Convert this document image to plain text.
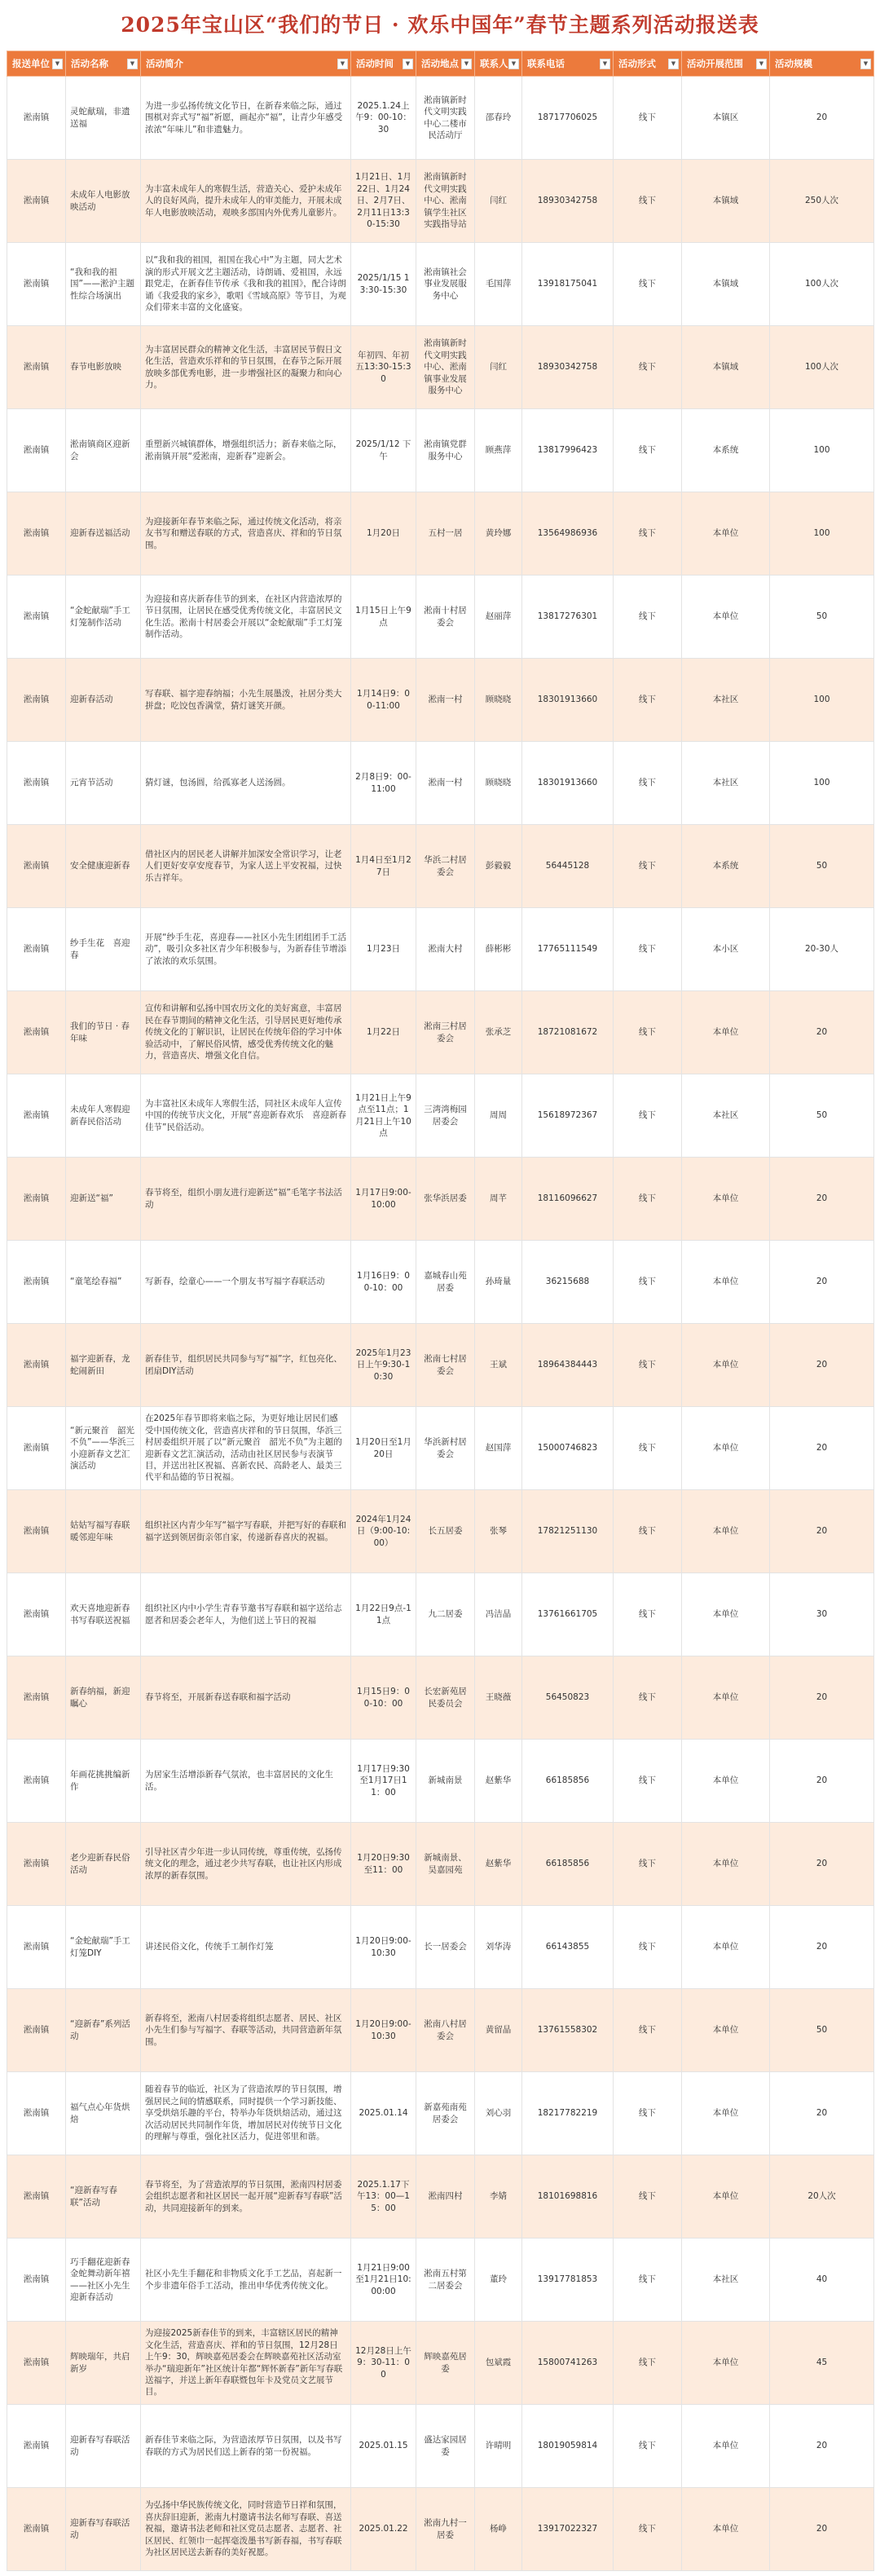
2025年宝山区“我们的节日 · 欢乐中国年”春节主题系列活动报送表
报送单位 ▼	活动名称 ▼	活动简介 ▼	活动时间 ▼	活动地点 ▼	联系人 ▼	联系电话 ▼	活动形式 ▼	活动开展范围 ▼	活动规模 ▼

淞南镇	灵蛇献瑞，非遗送福	为进一步弘扬传统文化节日，在新春来临之际，通过围棋对弈式写“福”祈愿，画起亦“福”，让青少年感受浓浓“年味儿”和非遗魅力。	2025.1.24上午9：00-10：30	淞南镇新时代文明实践中心二楼市民活动厅	邵春玲	18717706025	线下	本镇区	20
淞南镇	未成年人电影放映活动	为丰富未成年人的寒假生活，营造关心、爱护未成年人的良好风尚，提升未成年人的审美能力，开展未成年人电影放映活动，观映多部国内外优秀儿童影片。	1月21日、1月22日、1月24日、2月7日、2月11日13:30-15:30	淞南镇新时代文明实践中心、淞南镇学生社区实践指导站	闫红	18930342758	线下	本镇域	250人次
淞南镇	“我和我的祖国”——淞沪主题性综合场演出	以“我和我的祖国，祖国在我心中”为主题，同大艺术演的形式开展文艺主题活动，诗朗诵、爱祖国，永远跟党走，在新春佳节传承《我和我的祖国》，配合诗朗诵《我爱我的家乡》，歌唱《雪域高原》等节目，为观众们带来丰富的文化盛宴。	2025/1/15 13:30-15:30	淞南镇社会事业发展服务中心	毛国萍	13918175041	线下	本镇域	100人次
淞南镇	春节电影放映	为丰富居民群众的精神文化生活，丰富居民节假日文化生活，营造欢乐祥和的节日氛围，在春节之际开展放映多部优秀电影，进一步增强社区的凝聚力和向心力。	年初四、年初五13:30-15:30	淞南镇新时代文明实践中心、淞南镇事业发展服务中心	闫红	18930342758	线下	本镇域	100人次
淞南镇	淞南镇商区迎新会	重塑新兴城镇群体，增强组织活力；新春来临之际，淞南镇开展“爱淞南，迎新春”迎新会。	2025/1/12 下午	淞南镇党群服务中心	顾燕萍	13817996423	线下	本系统	100
淞南镇	迎新春送福活动	为迎接新年春节来临之际，通过传统文化活动，将亲友书写和赠送春联的方式，营造喜庆、祥和的节日氛围。	1月20日	五村一居	黄玲娜	13564986936	线下	本单位	100
淞南镇	“金蛇献瑞”手工灯笼制作活动	为迎接和喜庆新春佳节的到来，在社区内营造浓厚的节日氛围，让居民在感受优秀传统文化，丰富居民文化生活。淞南十村居委会开展以“金蛇献瑞”手工灯笼制作活动。	1月15日上午9点	淞南十村居委会	赵丽萍	13817276301	线下	本单位	50
淞南镇	迎新春活动	写春联、福字迎春纳福；小先生展墨泼，社居分类大拼盘；吃饺包香满堂，猜灯谜笑开颜。	1月14日9：00-11:00	淞南一村	顾晓晓	18301913660	线下	本社区	100
淞南镇	元宵节活动	猜灯谜，包汤圆，给孤寡老人送汤圆。	2月8日9：00-11:00	淞南一村	顾晓晓	18301913660	线下	本社区	100
淞南镇	安全健康迎新春	借社区内的居民老人讲解并加深安全常识学习，让老人们更好安享安度春节，为家人送上平安祝福，过快乐吉祥年。	1月4日至1月27日	华浜二村居委会	彭毅毅	56445128	线下	本系统	50
淞南镇	纱手生花　喜迎春	开展“纱手生花，喜迎春——社区小先生团组团手工活动”，吸引众多社区青少年积极参与，为新春佳节增添了浓浓的欢乐氛围。	1月23日	淞南大村	薛彬彬	17765111549	线下	本小区	20-30人
淞南镇	我们的节日 · 春年味	宣传和讲解和弘扬中国农历文化的美好寓意，丰富居民在春节期间的精神文化生活，引导居民更好地传承传统文化的丁解识识，让居民在传统年俗的学习中体验活动中，了解民俗风情，感受优秀传统文化的魅力，营造喜庆、增强文化自信。	1月22日	淞南三村居委会	张承芝	18721081672	线下	本单位	20
淞南镇	未成年人寒假迎新春民俗活动	为丰富社区未成年人寒假生活，同社区未成年人宣传中国的传统节庆文化，开展“喜迎新春欢乐　喜迎新春佳节”民俗活动。	1月21日上午9点至11点；1月21日上午10点	三湾湾梅园居委会	周周	15618972367	线下	本社区	50
淞南镇	迎新送“福”	春节将至，组织小朋友进行迎新送“福”毛笔字书法活动	1月17日9:00-10:00	张华浜居委	周芊	18116096627	线下	本单位	20
淞南镇	“童笔绘春福”	写新春，绘童心——一个朋友书写福字春联活动	1月16日9：00-10：00	嘉城春山苑居委	孙琦量	36215688	线下	本单位	20
淞南镇	福字迎新春，龙蛇闹新田	新春佳节，组织居民共同参与写“福”字，红包亮化、团扇DIY活动	2025年1月23日上午9:30-10:30	淞南七村居委会	王斌	18964384443	线下	本单位	20
淞南镇	“新元聚首　韶光不负”——华浜三小迎新春文艺汇演活动	在2025年春节即将来临之际，为更好地让居民们感受中国传统文化，营造喜庆祥和的节日氛围，华浜三村居委组织开展了以“新元聚首　韶光不负”为主题的迎新春文艺汇演活动，活动由社区居民参与表演节目，并送出社区祝福、喜新农民、高龄老人、最美三代平和品德的节日祝福。	1月20日至1月20日	华浜新村居委会	赵国萍	15000746823	线下	本单位	20
淞南镇	姑姑写福写春联　暖邻迎年味	组织社区内青少年写“福字写春联，并把写好的春联和福字送到领居街亲邻自家，传递新春喜庆的祝福。	2024年1月24日（9:00-10:00）	长五居委	张琴	17821251130	线下	本单位	20
淞南镇	欢天喜地迎新春　书写春联送祝福	组织社区内中小学生青春节邀书写春联和福字送给志愿者和居委会老年人，为他们送上节日的祝福	1月22日9点-11点	九二居委	冯洁晶	13761661705	线下	本单位	30
淞南镇	新春纳福，新迎瞩心	春节将至，开展新春送春联和福字活动	1月15日9：00-10：00	长宏新苑居民委员会	王晓薇	56450823	线下	本单位	20
淞南镇	年画花挑挑编新作	为居家生活增添新春气氛浓，也丰富居民的文化生活。	1月17日9:30至1月17日11：00	新城南景	赵紫华	66185856	线下	本单位	20
淞南镇	老少迎新春民俗活动	引导社区青少年进一步认同传统，尊重传统，弘扬传统文化的理念，通过老少共写春联，也让社区内形成浓厚的新春氛围。	1月20日9:30至11：00	新城南景、昊嘉园苑	赵紫华	66185856	线下	本单位	20
淞南镇	“金蛇献瑞”手工灯笼DIY	讲述民俗文化，传统手工制作灯笼	1月20日9:00-10:30	长一居委会	刘华涛	66143855	线下	本单位	20
淞南镇	“迎新春”系列活动	新春将至，淞南八村居委将组织志愿者、居民、社区小先生们参与写福字、春联等活动，共同营造新年氛围。	1月20日9:00-10:30	淞南八村居委会	黄留晶	13761558302	线下	本单位	50
淞南镇	福气点心年货烘焙	随着春节的临近，社区为了营造浓厚的节日氛围，增强居民之间的情感联系，同时提供一个学习新技能、享受烘焙乐趣的平台，特举办年货烘焙活动，通过这次活动居民共同制作年货，增加居民对传统节日文化的理解与尊重，强化社区活力，促进邻里和谐。	2025.01.14	新嘉苑南苑居委会	刘心羽	18217782219	线下	本单位	20
淞南镇	“迎新春写春联”活动	春节将至，为了营造浓厚的节日氛围，淞南四村居委会组织志愿者和社区居民一起开展“迎新春写春联”活动，共同迎接新年的到来。	2025.1.17下午13：00—15：00	淞南四村	李婧	18101698816	线下	本单位	20人次
淞南镇	巧手翻花迎新春 金蛇舞动新年禧——社区小先生迎新春活动	社区小先生手翻花和非物质文化手工艺品，喜起新一个步非遗年俗手工活动，推出申华优秀传统文化。	1月21日9:00至1月21日10:00:00	淞南五村第二居委会	董玲	13917781853	线下	本社区	40
淞南镇	辉映瑞年，共启新岁	为迎接2025新春佳节的到来，丰富辖区居民的精神文化生活，营造喜庆、祥和的节日氛围，12月28日上午9：30，辉映嘉苑居委会在辉映嘉苑社区活动室举办“瑞迎新年”社区统计年都“辉怀新春”新年写春联送福字，并送上新年春联暨包年卡及党员文艺展节目。	12月28日上午9：30-11：00	辉映嘉苑居委	包斌霞	15800741263	线下	本单位	45
淞南镇	迎新春写春联活动	新春佳节来临之际，为营造浓厚节日氛围，以及书写春联的方式为居民们送上新春的第一份祝福。	2025.01.15	盛达家园居委	许晴明	18019059814	线下	本单位	20
淞南镇	迎新春写春联活动	为弘扬中华民族传统文化，同时营造节日祥和氛围，喜庆辞旧迎新，淞南九村邀请书法名师写春联、喜送祝福，邀请书法老师和社区党员志愿者、志愿者、社区居民、红领巾一起挥毫泼墨书写新春福，书写春联为社区居民送去新春的美好祝愿。	2025.01.22	淞南九村一居委	杨峥	13917022327	线下	本单位	20
